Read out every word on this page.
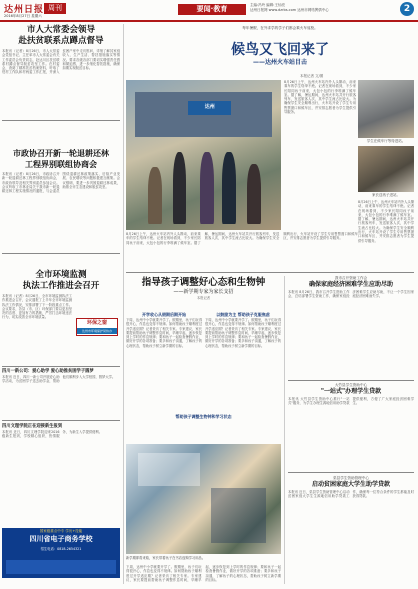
达州日报 周刊
2016年8月27日 星期六
要闻·教育	主编:冯玲 编辑:王仙亮
达州日报网 www.dzrbs.com 达州市网络舆情中心	2
市人大常委会领导
赴扶贫联系点蹲点督导
本报讯（记者）8月26日，市人大常委会党组书记、主任率市人大常委会有关工作委员会负责同志，赴达川区扶贫联系村蹲点督导脱贫攻坚工作。在村委会，查阅了精准扶贫档案资料，听取了驻村工作队和村两委工作汇报，并深入贫困户家中走访慰问，详细了解其家庭收入、生产生活、帮扶措施落实等情况。要求各级各部门要切实增强责任感和紧迫感，进一步细化帮扶措施，确保如期实现脱贫目标。
市政协召开新一轮退耕还林
工程界别联组协商会
本报讯（记者）8月26日，市政协召开新一轮退耕还林工程界别联组协商会，市政协领导及相关界别委员参加会议。会议听取了市林业局关于我市新一轮退耕还林工程实施情况的通报，与会委员围绕退耕还林政策落实、后续产业发展、农民增收等问题积极建言献策。会议强调，要进一步巩固退耕还林成果，助推全市生态建设和脱贫攻坚。
全市环境监测
执法工作推进会召开
本报讯（记者）8月26日，全市环境监测执法工作推进会召开，会议通报了上半年全市环境监测执法工作情况，安排部署了下一阶段重点工作。会议要求，各县（市、区）环保部门要以更加坚决的态度、更加有力的措施，严厉打击环境违法行为，切实改善全市环境质量。
环保之窗
达州市环境保护局协办
四川一新公司：爱心助学 爱心助推贫困学子圆梦
本报讯 近日，四川一新公司开展爱心助学活动，为贫困学子送去助学金，帮助他们顺利步入大学校园，圆梦大学。
四川文理学院正在迎接新生报到
本报讯 近日，四川文理学院迎来2016级新生报到，学校精心组织，热情服务，为新生入学提供便利。
国家级重点中专 学历+技能
四川省电子商务学校
招生电话：0818-2654321
每年暑假，在外求学的学子们都会乘火车返校。
候鸟又飞回来了
——达州火车站目击
本报记者 文/图
达州
8月26日上午，达州火车站内外人头攒动，前来乘车的学生络绎不绝。记者在现场看到，不少家长陪同孩子前来，大包小包的行李堆满了候车室。据了解，暑运期间，达州火车站共开行旅客列车，发送旅客人次，其中学生流占比较大。为确保学生安全顺利出行，火车站开设了学生专用售票窗口和候车区，并安排志愿者为学生提供引导服务。
学生在候车厅等待进站。
家长送孩子进站。
8月26日上午，达州火车站内外人头攒动，前来乘车的学生络绎不绝。记者在现场看到，不少家长陪同孩子前来，大包小包的行李堆满了候车室。据了解，暑运期间，达州火车站共开行旅客列车，发送旅客人次，其中学生流占比较大。为确保学生安全顺利出行，火车站开设了学生专用售票窗口和候车区，并安排志愿者为学生提供引导服务。
8月26日上午，达州火车站内外人头攒动，前来乘车的学生络绎不绝。记者在现场看到，不少家长陪同孩子前来，大包小包的行李堆满了候车室。据了解，暑运期间，达州火车站共开行旅客列车，发送旅客人次，其中学生流占比较大。为确保学生安全顺利出行，火车站开设了学生专用售票窗口和候车区，并安排志愿者为学生提供引导服务。
指导孩子调整好心态和生物钟
——新学期专家为家长支招
本报记者
开学收心从假期后期开始
下周，达州中小学就要开学了。假期里，孩子们玩得很开心，作息也变得不规律。如何帮助孩子顺利度过开学适应期？记者采访了相关专家。专家建议，家长要提前帮助孩子调整作息时间，早睡早起，逐步恢复到上学时的作息规律；要和孩子一起检查暑假作业，做好开学的各项准备；要多和孩子沟通，了解孩子的心理状态，帮助孩子树立新学期的目标。
以鼓励为主 帮助孩子克服焦虑
下周，达州中小学就要开学了。假期里，孩子们玩得很开心，作息也变得不规律。如何帮助孩子顺利度过开学适应期？记者采访了相关专家。专家建议，家长要提前帮助孩子调整作息时间，早睡早起，逐步恢复到上学时的作息规律；要和孩子一起检查暑假作业，做好开学的各项准备；要多和孩子沟通，了解孩子的心理状态，帮助孩子树立新学期的目标。
帮助孩子调整生物钟和学习状态
新学期即将来临，家长带着孩子在书店选购学习用品。
下周，达州中小学就要开学了。假期里，孩子们玩得很开心，作息也变得不规律。如何帮助孩子顺利度过开学适应期？记者采访了相关专家。专家建议，家长要提前帮助孩子调整作息时间，早睡早起，逐步恢复到上学时的作息规律；要和孩子一起检查暑假作业，做好开学的各项准备；要多和孩子沟通，了解孩子的心理状态，帮助孩子树立新学期的目标。
我市召开资助工作会
确保家庭经济困难学生应助尽助
本报讯 8月26日，我市召开学生资助工作会，总结部署学生资助工作，确保家庭经济困难学生应助尽助，不让一个学生因家庭经济困难而失学。
大竹县学生资助中心
"一站式"办理学生贷款
本报讯 大竹县学生资助中心推行"一站式"服务，为学生办理生源地信用助学贷款提供便利，方便了广大家庭经济困难学生。
渠县学生资助管理中心
启动贫困家庭大学生助学贷款
本报讯 近日，渠县学生资助管理中心启动贫困家庭大学生生源地信用助学贷款工作，确保每一位符合条件的学生都能及时获得贷款。
